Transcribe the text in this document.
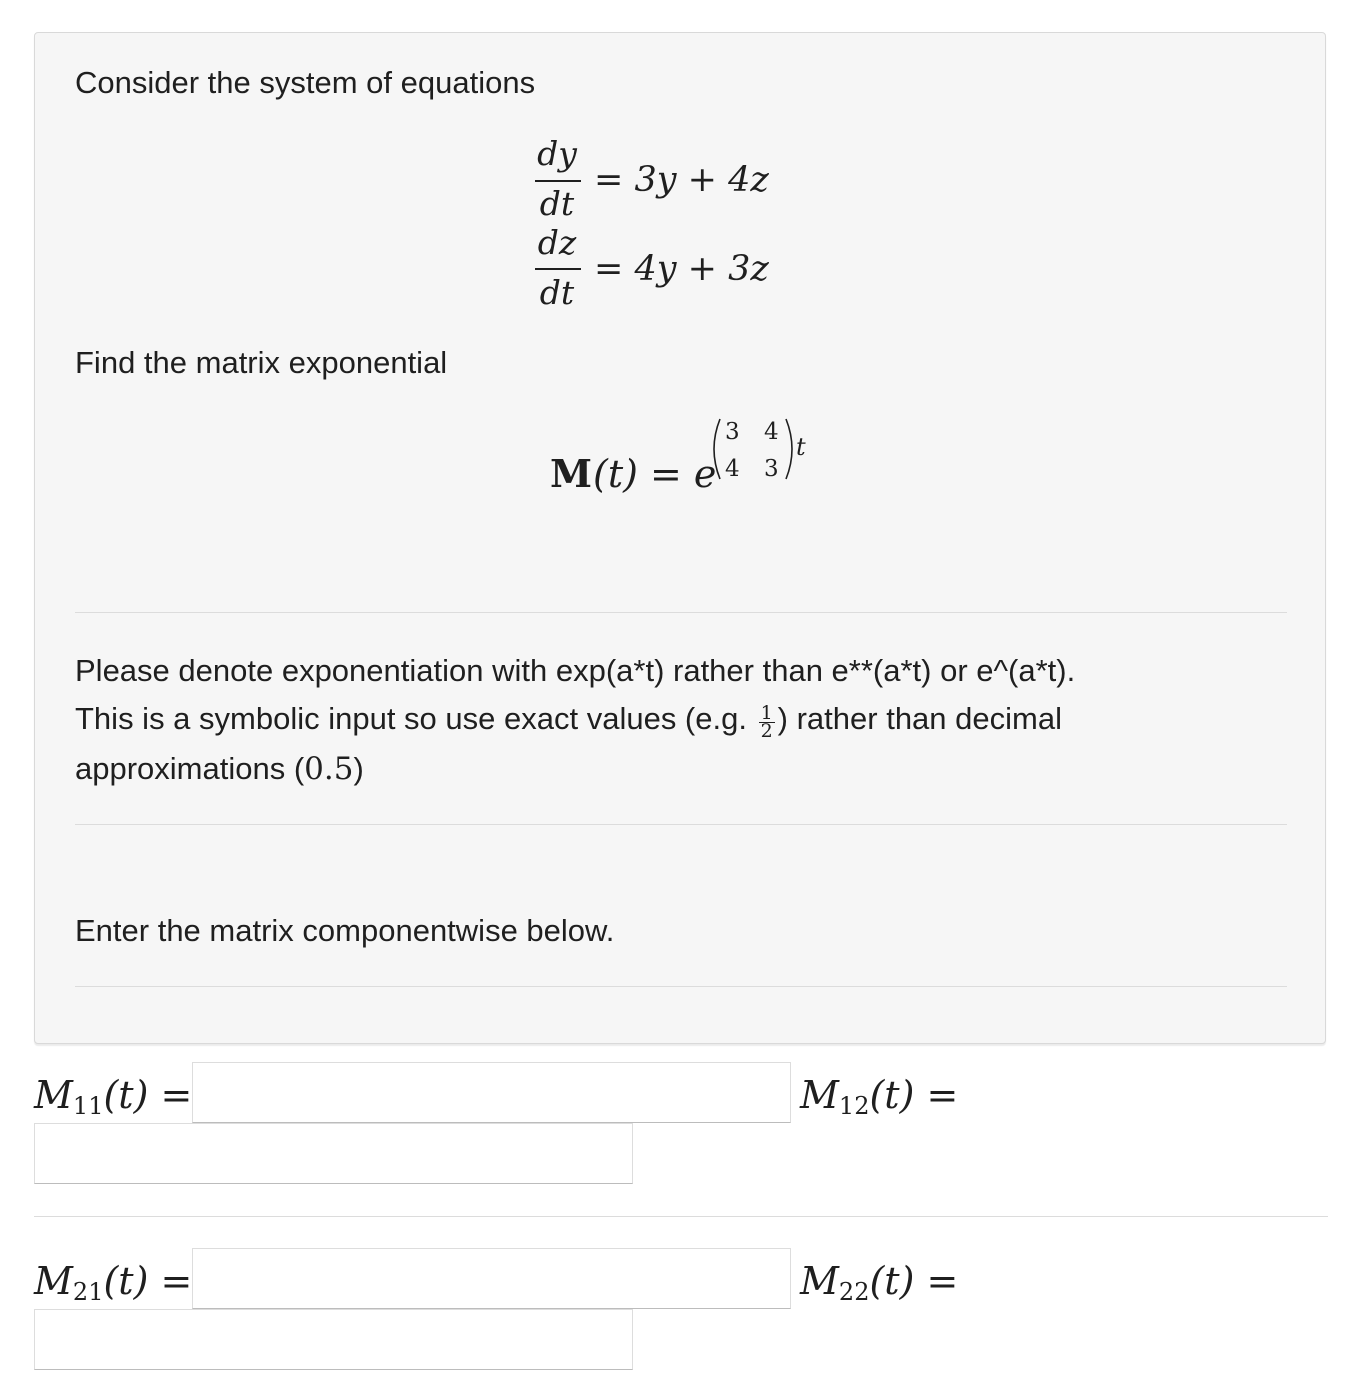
Consider the system of equations
dy
dt
= 3y + 4z
dz
dt
= 4y + 3z
Find the matrix exponential
M (t) = e
3 4
4 3
t
Please denote exponentiation with exp(a*t) rather than e**(a*t) or e^(a*t).
This is a symbolic input so use exact values (e.g. $\frac{1}{2}$ ) rather than decimal
approximations (0.5)
Enter the matrix componentwise below.
$M_{11}(t)$ =	$M_{12}(t)$ =
$M_{21}(t)$ =	$M_{22}(t)$ =
